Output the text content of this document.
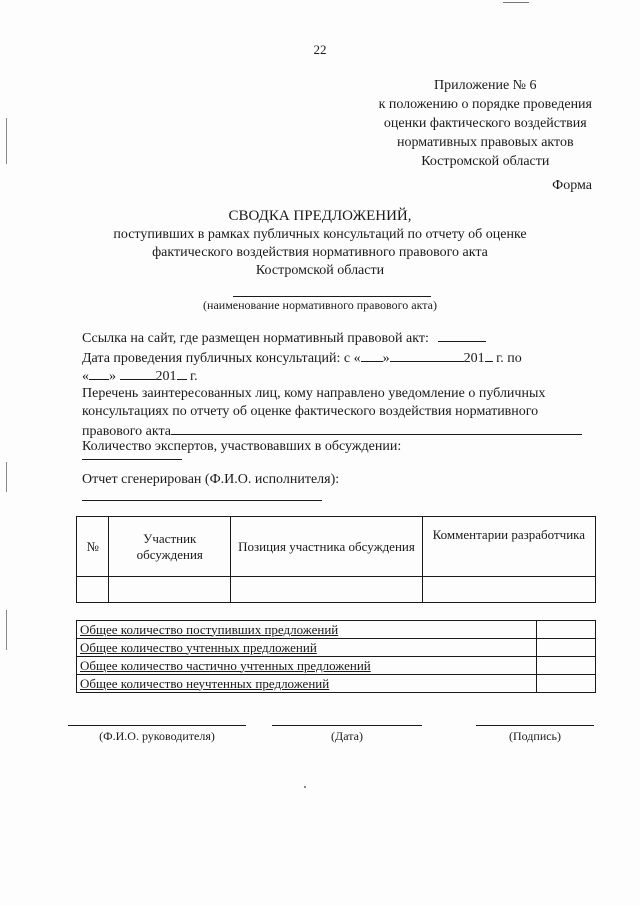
22
Приложение № 6
к положению о порядке проведения
оценки фактического воздействия
нормативных правовых актов
Костромской области
Форма
СВОДКА ПРЕДЛОЖЕНИЙ,
поступивших в рамках публичных консультаций по отчету об оценке
фактического воздействия нормативного правового акта
Костромской области
(наименование нормативного правового акта)
Ссылка на сайт, где размещен нормативный правовой акт:
Дата проведения публичных консультаций: с « »	201 г. по
« »	201 г.
Перечень заинтересованных лиц, кому направлено уведомление о публичных
консультациях по отчету об оценке фактического воздействия нормативного
правового акта
Количество экспертов, участвовавших в обсуждении:
Отчет сгенерирован (Ф.И.О. исполнителя):
№	Участник обсуждения	Позиция участника обсуждения	Комментарии разработчика

Общее количество поступивших предложений	
Общее количество учтенных предложений	
Общее количество частично учтенных предложений	
Общее количество неучтенных предложений	
(Ф.И.О. руководителя)	(Дата)	(Подпись)
